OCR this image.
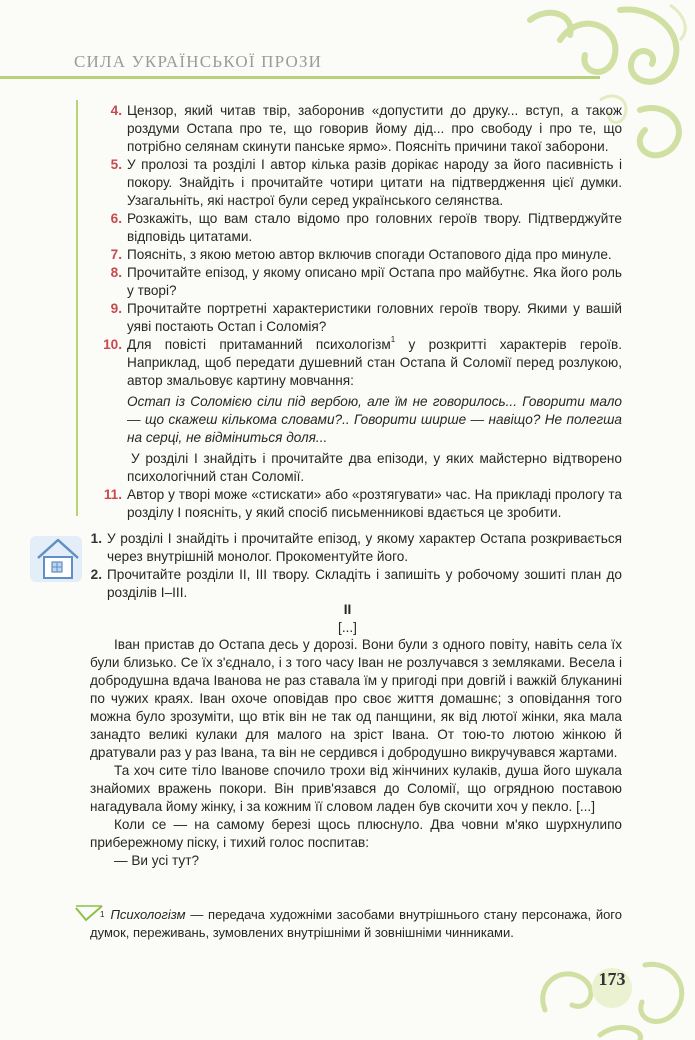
СИЛА УКРАЇНСЬКОЇ ПРОЗИ
4. Цензор, який читав твір, заборонив «допустити до друку... вступ, а також роздуми Остапа про те, що говорив йому дід... про свободу і про те, що потрібно селянам скинути панське ярмо». Поясніть причини такої заборони.
5. У пролозі та розділі І автор кілька разів дорікає народу за його пасивність і покору. Знайдіть і прочитайте чотири цитати на підтвердження цієї думки. Узагальніть, які настрої були серед українського селянства.
6. Розкажіть, що вам стало відомо про головних героїв твору. Підтверджуйте відповідь цитатами.
7. Поясніть, з якою метою автор включив спогади Остапового діда про минуле.
8. Прочитайте епізод, у якому описано мрії Остапа про майбутнє. Яка його роль у творі?
9. Прочитайте портретні характеристики головних героїв твору. Якими у вашій уяві постають Остап і Соломія?
10. Для повісті притаманний психологізм$^1$ у розкритті характерів героїв. Наприклад, щоб передати душевний стан Остапа й Соломії перед розлукою, автор змальовує картину мовчання:
Остап із Соломією сіли під вербою, але їм не говорилось... Говорити мало — що скажеш кількома словами?.. Говорити ширше — навіщо? Не полегша на серці, не відміниться доля...
У розділі І знайдіть і прочитайте два епізоди, у яких майстерно відтворено психологічний стан Соломії.
11. Автор у творі може «стискати» або «розтягувати» час. На прикладі прологу та розділу І поясніть, у який спосіб письменникові вдається це зробити.
1. У розділі І знайдіть і прочитайте епізод, у якому характер Остапа розкривається через внутрішній монолог. Прокоментуйте його.
2. Прочитайте розділи ІІ, ІІІ твору. Складіть і запишіть у робочому зошиті план до розділів І–ІІІ.
ІІ
[...]

Іван пристав до Остапа десь у дорозі. Вони були з одного повіту, навіть села їх були близько. Се їх з'єднало, і з того часу Іван не розлучався з земляками. Весела і добродушна вдача Іванова не раз ставала їм у пригоді при довгій і важкій блуканині по чужих краях. Іван охоче оповідав про своє життя домашнє; з оповідання того можна було зрозуміти, що втік він не так од панщини, як від лютої жінки, яка мала занадто великі кулаки для малого на зріст Івана. От тою-то лютою жінкою й дратували раз у раз Івана, та він не сердився і добродушно викручувався жартами.

Та хоч сите тіло Іванове спочило трохи від жінчиних кулаків, душа його шукала знайомих вражень покори. Він прив'язався до Соломії, що огрядною поставою нагадувала йому жінку, і за кожним її словом ладен був скочити хоч у пекло. [...]

Коли се — на самому березі щось плюснуло. Два човни м'яко шурхнулипо прибережному піску, і тихий голос поспитав:

— Ви усі тут?

$^1$ Психологізм — передача художніми засобами внутрішнього стану персонажа, його думок, переживань, зумовлених внутрішніми й зовнішніми чинниками.
173
